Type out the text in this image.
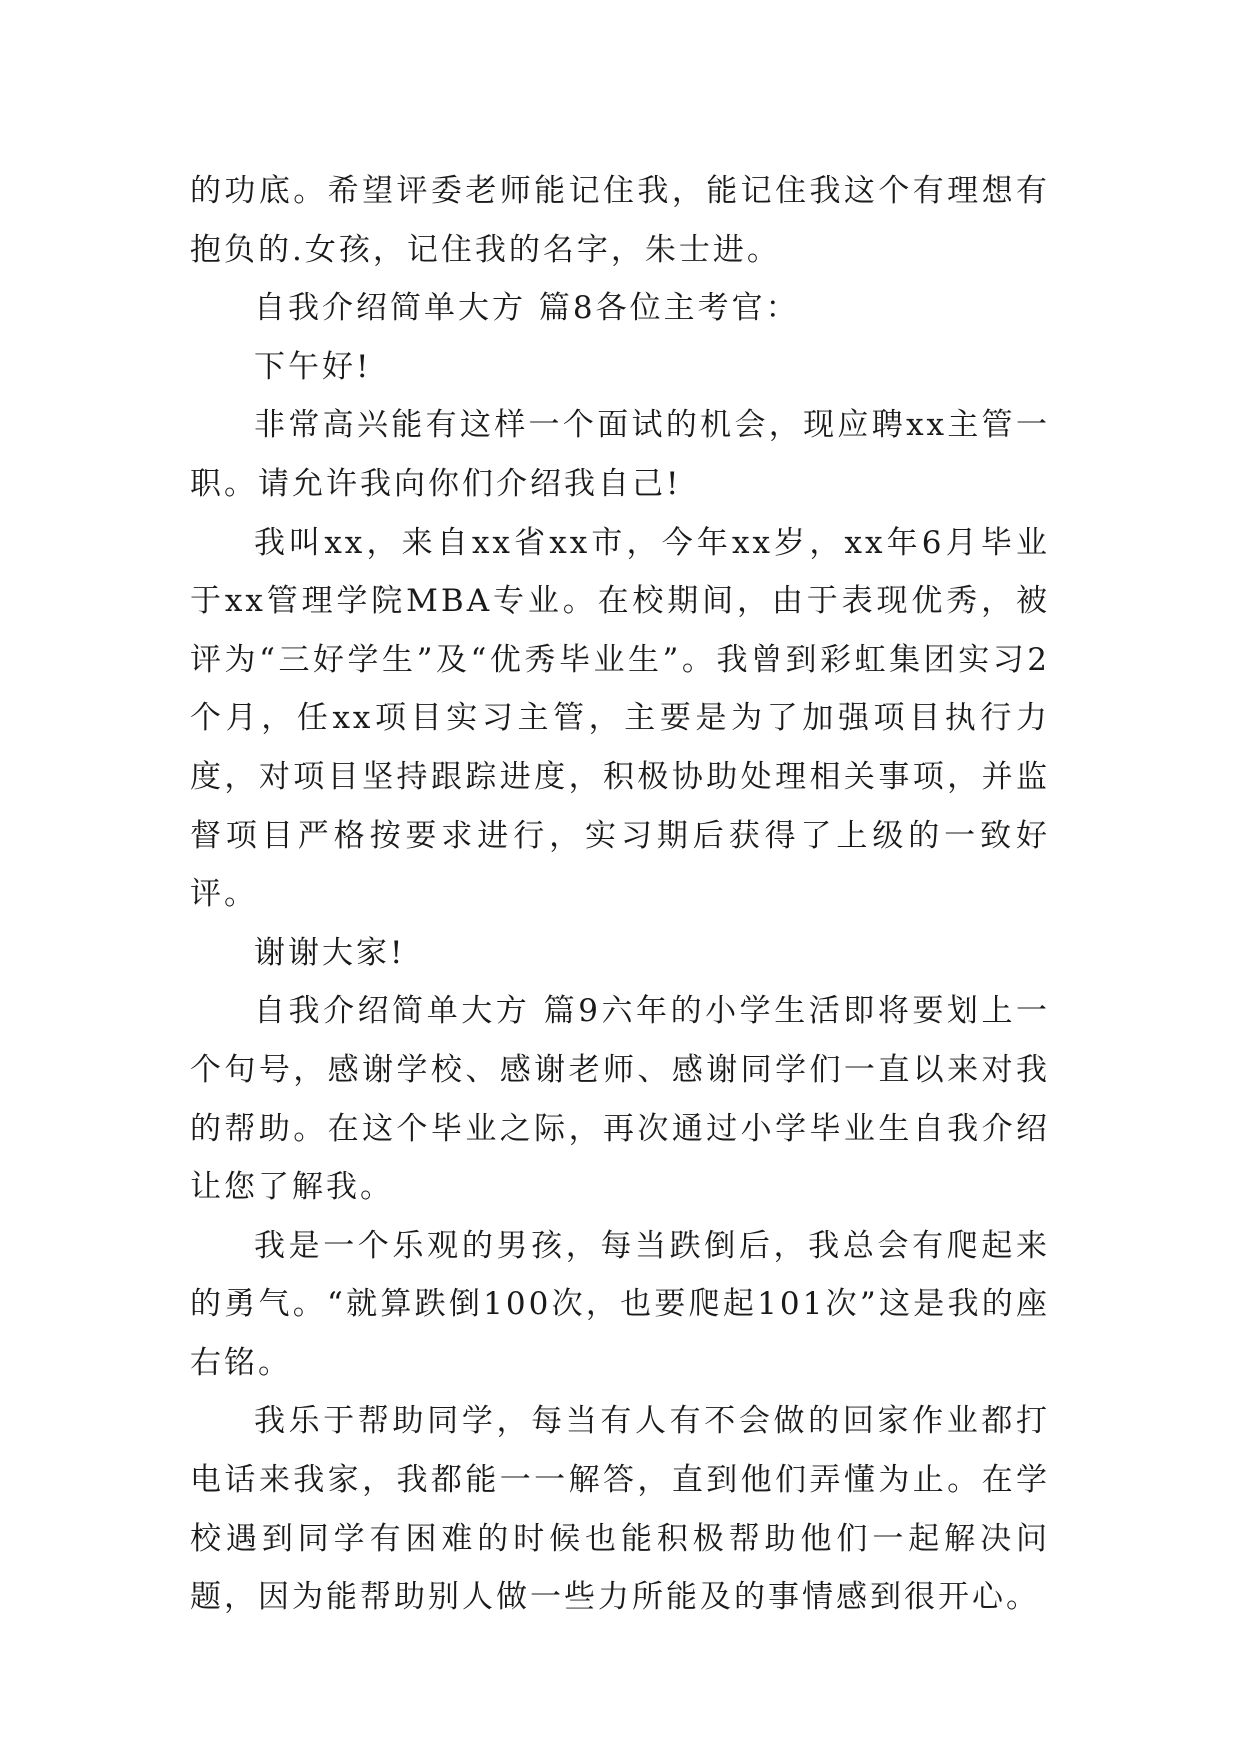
的功底。希望评委老师能记住我，能记住我这个有理想有抱负的.女孩，记住我的名字，朱士进。

自我介绍简单大方 篇8各位主考官：

下午好!

非常高兴能有这样一个面试的机会，现应聘xx主管一职。请允许我向你们介绍我自己!

我叫xx，来自xx省xx市，今年xx岁，xx年6月毕业于xx管理学院MBA专业。在校期间，由于表现优秀，被评为“三好学生”及“优秀毕业生”。我曾到彩虹集团实习2个月，任xx项目实习主管，主要是为了加强项目执行力度，对项目坚持跟踪进度，积极协助处理相关事项，并监督项目严格按要求进行，实习期后获得了上级的一致好评。

谢谢大家!

自我介绍简单大方 篇9六年的小学生活即将要划上一个句号，感谢学校、感谢老师、感谢同学们一直以来对我的帮助。在这个毕业之际，再次通过小学毕业生自我介绍让您了解我。

我是一个乐观的男孩，每当跌倒后，我总会有爬起来的勇气。“就算跌倒100次，也要爬起101次”这是我的座右铭。

我乐于帮助同学，每当有人有不会做的回家作业都打电话来我家，我都能一一解答，直到他们弄懂为止。在学校遇到同学有困难的时候也能积极帮助他们一起解决问题，因为能帮助别人做一些力所能及的事情感到很开心。
